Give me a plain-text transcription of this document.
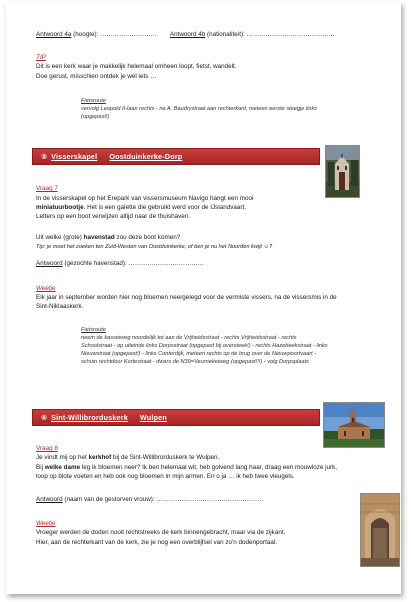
Antwoord 4a (hoogte): ……………………… Antwoord 4b (nationaliteit): ……………………………………
TIP
Dit is een kerk waar je makkelijk helemaal omheen loopt, fietst, wandelt.
Doe gerust, misschien ontdek je wel iets …
Fietsroute
vervolg Leopold II-laan rechts - na A. Baudrystraat aan rechterkant, meteen eerste steegje links
(opgepast!)
⑤ Visserskapel Oostduinkerke-Dorp
Vraag 7
In de visserskapel op het Erepark van vissersmuseum Navigo hangt een mooi
miniatuurbootje. Het is een galette die gebruikt werd voor de IJslandvaart.
Letters op een boot verwijzen altijd naar de thuishaven.
Uit welke (grote) havenstad zou deze boot komen?
Tip: je moet het zoeken ten Zuid-Westen van Oostduinkerke, of ben je nu het Noorden kwijt ☺?
Antwoord (gezochte havenstad): ………………………………
Weetje
Elk jaar in september worden hier nog bloemen neergelegd voor de vermiste vissers, na de vissersmis in de
Sint-Niklaaskerk.
Fietsroute
neem de kasseiweg noordelijk tot aan de Vrijheidsstraat - rechts Vrijheidsstraat - rechts
Schoolstraat - op uiteinde links Dorpsstraat (opgepast bij oversteek!) - rechts Hazebeekstraat - links
Nieuwstraat (opgepast!) - links Conterdijk, meteen rechts op de brug over de Nieuwpoortvaart -
schuin rechtdoor Kortestraat - dwars de N39=Veurnekeiweg (opgepast!!!) - volg Dorpsplaats
⑥ Sint-Willibrorduskerk Wulpen
Vraag 8
Je vindt mij op het kerkhof bij de Sint-Willibrorduskerk te Wulpen.
Bij welke dame leg ik bloemen neer? Ik ben helemaal wit, heb golvend lang haar, draag een mouwloze jurk,
loop op blote voeten en heb ook nog bloemen in mijn armen. En o ja … ik heb twee vleugels.
Antwoord (naam van de gestorven vrouw): ……………………………………………
Weetje
Vroeger werden de doden nooit rechtstreeks de kerk binnengebracht, maar via de zijkant.
Hier, aan de rechterkant van de kerk, zie je nog een overblijfsel van zo'n dodenportaal.
